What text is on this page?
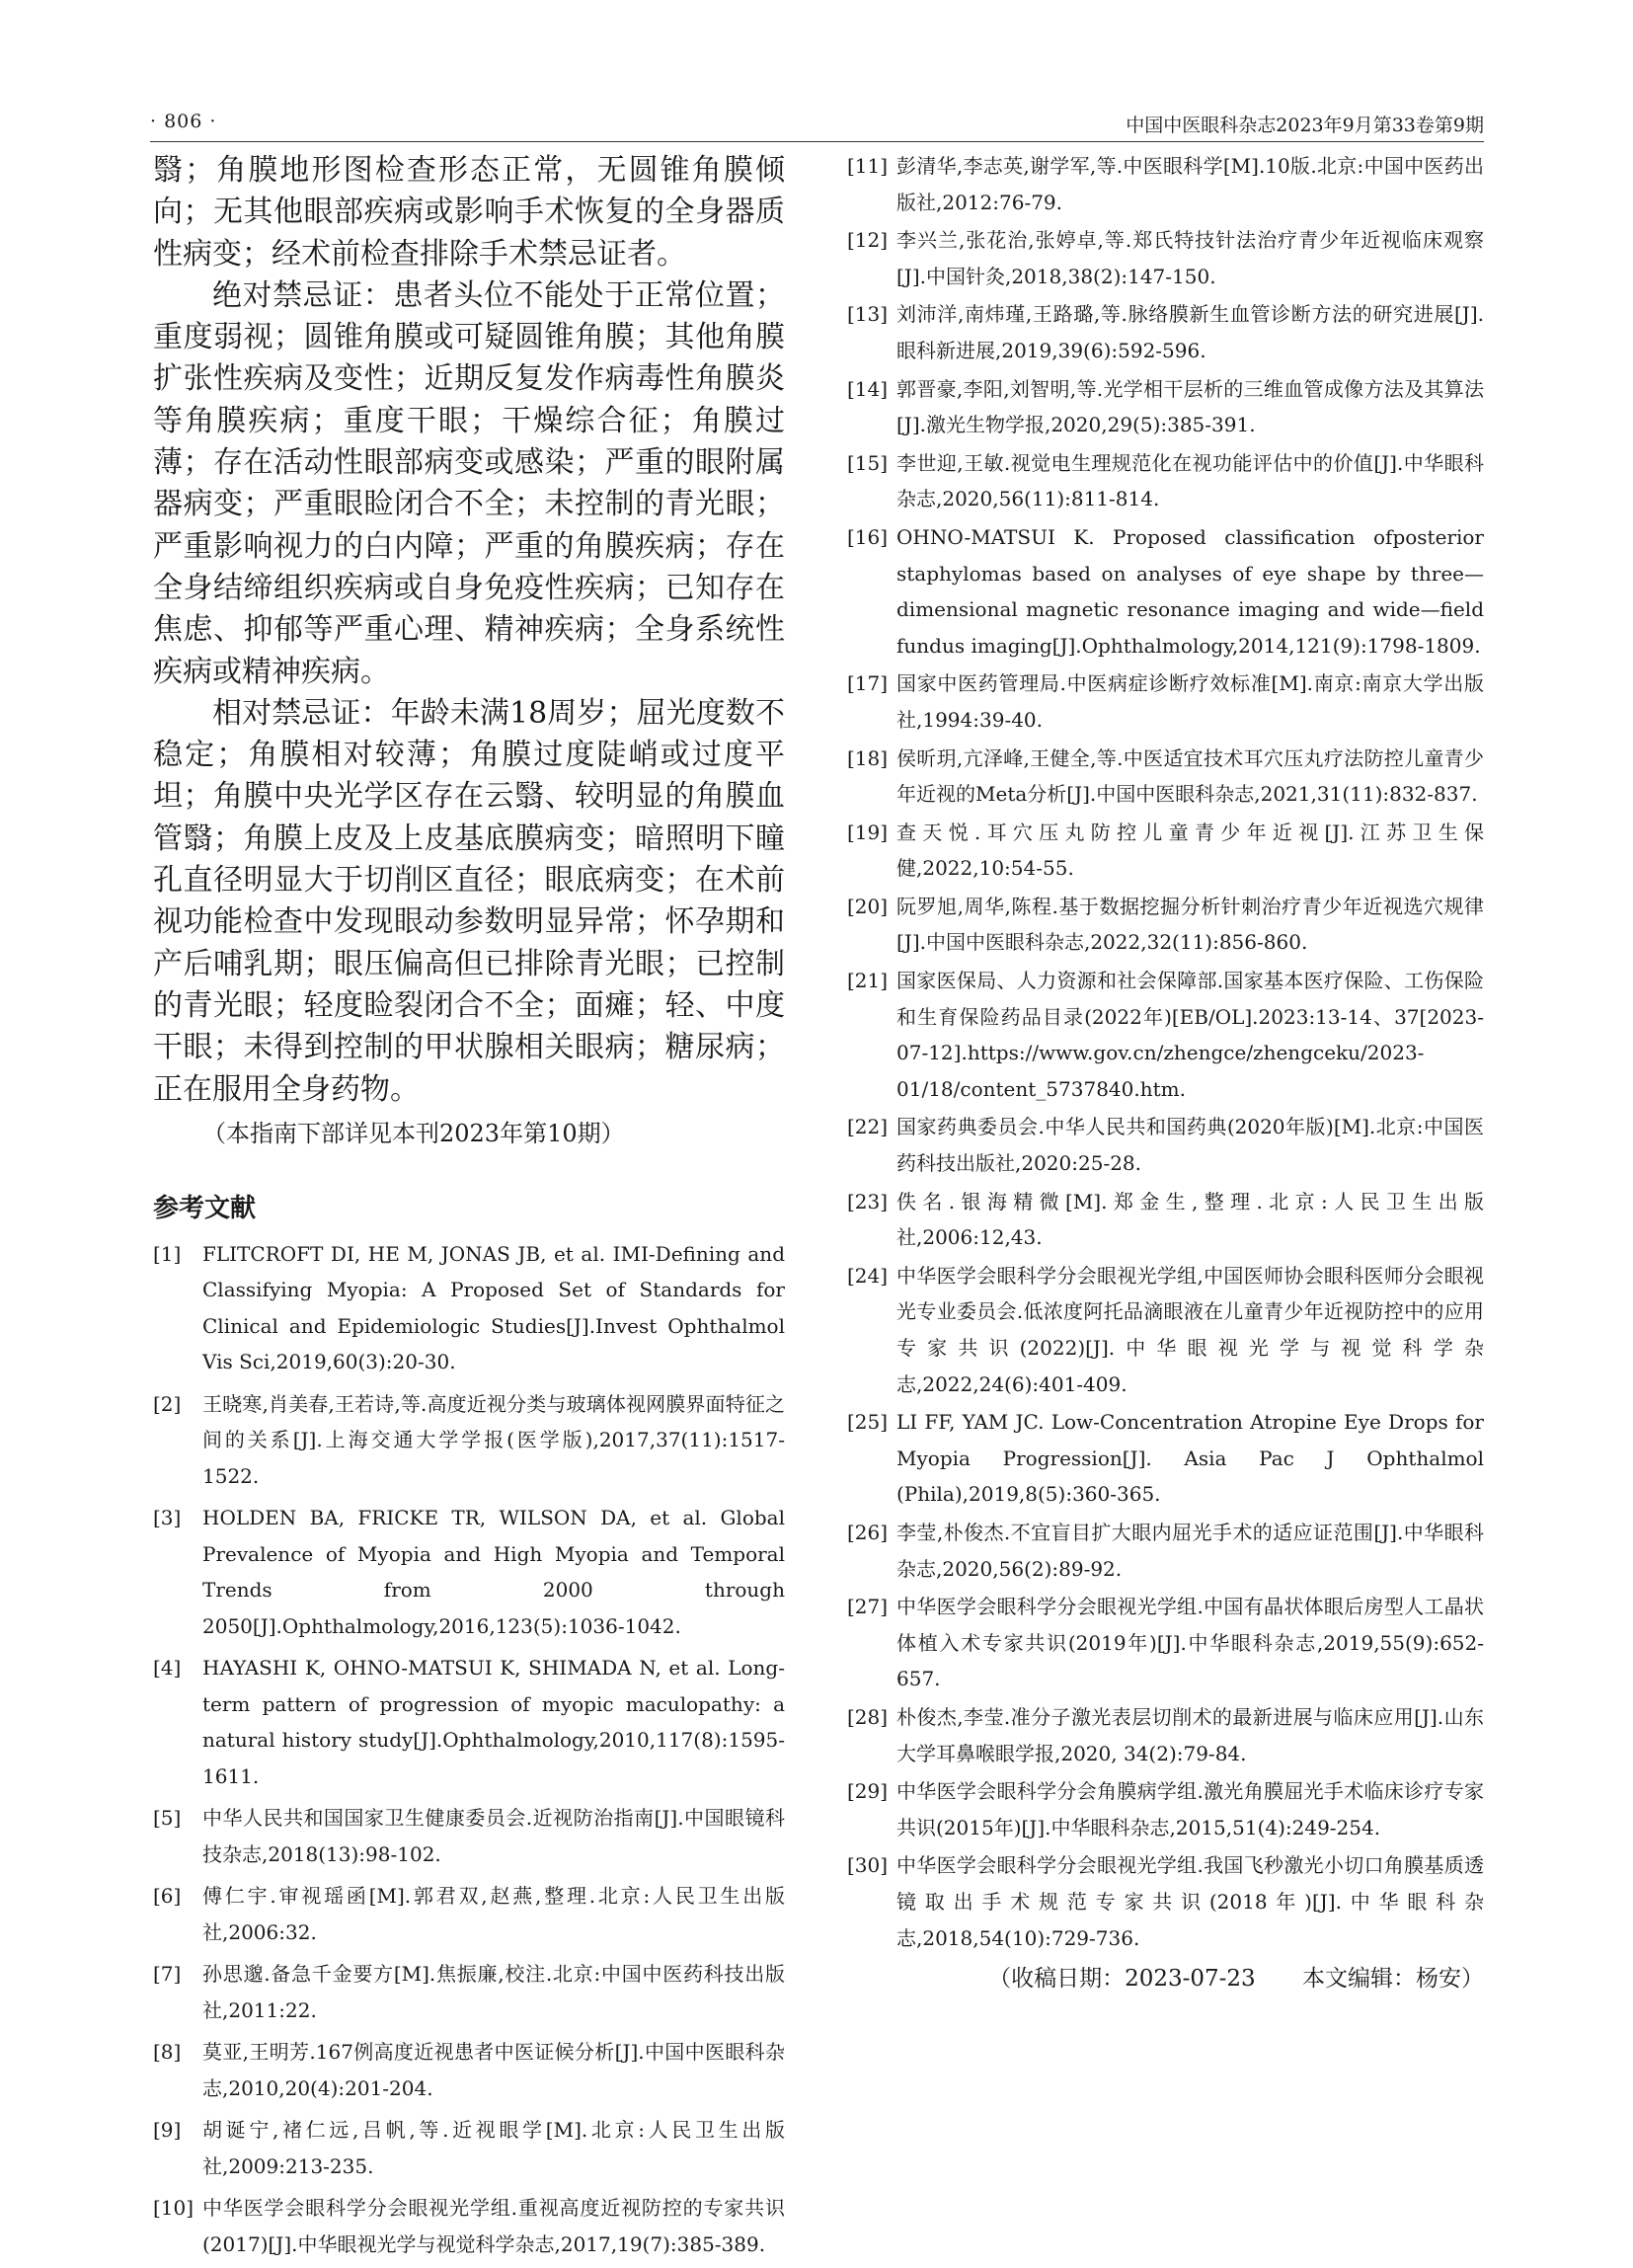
· 806 ·	中国中医眼科杂志2023年9月第33卷第9期

翳；角膜地形图检查形态正常，无圆锥角膜倾向；无其他眼部疾病或影响手术恢复的全身器质性病变；经术前检查排除手术禁忌证者。

绝对禁忌证：患者头位不能处于正常位置；重度弱视；圆锥角膜或可疑圆锥角膜；其他角膜扩张性疾病及变性；近期反复发作病毒性角膜炎等角膜疾病；重度干眼；干燥综合征；角膜过薄；存在活动性眼部病变或感染；严重的眼附属器病变；严重眼睑闭合不全；未控制的青光眼；严重影响视力的白内障；严重的角膜疾病；存在全身结缔组织疾病或自身免疫性疾病；已知存在焦虑、抑郁等严重心理、精神疾病；全身系统性疾病或精神疾病。

相对禁忌证：年龄未满18周岁；屈光度数不稳定；角膜相对较薄；角膜过度陡峭或过度平坦；角膜中央光学区存在云翳、较明显的角膜血管翳；角膜上皮及上皮基底膜病变；暗照明下瞳孔直径明显大于切削区直径；眼底病变；在术前视功能检查中发现眼动参数明显异常；怀孕期和产后哺乳期；眼压偏高但已排除青光眼；已控制的青光眼；轻度睑裂闭合不全；面瘫；轻、中度干眼；未得到控制的甲状腺相关眼病；糖尿病；正在服用全身药物。

（本指南下部详见本刊2023年第10期）
参考文献
[1] FLITCROFT DI, HE M, JONAS JB, et al. IMI-Defining and Classifying Myopia: A Proposed Set of Standards for Clinical and Epidemiologic Studies[J].Invest Ophthalmol Vis Sci,2019,60(3):20-30.
[2] 王晓寒,肖美春,王若诗,等.高度近视分类与玻璃体视网膜界面特征之间的关系[J].上海交通大学学报(医学版),2017,37(11):1517-1522.
[3] HOLDEN BA, FRICKE TR, WILSON DA, et al. Global Prevalence of Myopia and High Myopia and Temporal Trends from 2000 through 2050[J].Ophthalmology,2016,123(5):1036-1042.
[4] HAYASHI K, OHNO-MATSUI K, SHIMADA N, et al. Long-term pattern of progression of myopic maculopathy: a natural history study[J].Ophthalmology,2010,117(8):1595-1611.
[5] 中华人民共和国国家卫生健康委员会.近视防治指南[J].中国眼镜科技杂志,2018(13):98-102.
[6] 傅仁宇.审视瑶函[M].郭君双,赵燕,整理.北京:人民卫生出版社,2006:32.
[7] 孙思邈.备急千金要方[M].焦振廉,校注.北京:中国中医药科技出版社,2011:22.
[8] 莫亚,王明芳.167例高度近视患者中医证候分析[J].中国中医眼科杂志,2010,20(4):201-204.
[9] 胡诞宁,褚仁远,吕帆,等.近视眼学[M].北京:人民卫生出版社,2009:213-235.
[10] 中华医学会眼科学分会眼视光学组.重视高度近视防控的专家共识(2017)[J].中华眼视光学与视觉科学杂志,2017,19(7):385-389.
[11] 彭清华,李志英,谢学军,等.中医眼科学[M].10版.北京:中国中医药出版社,2012:76-79.
[12] 李兴兰,张花治,张婷卓,等.郑氏特技针法治疗青少年近视临床观察[J].中国针灸,2018,38(2):147-150.
[13] 刘沛洋,南炜瑾,王路璐,等.脉络膜新生血管诊断方法的研究进展[J].眼科新进展,2019,39(6):592-596.
[14] 郭晋豪,李阳,刘智明,等.光学相干层析的三维血管成像方法及其算法[J].激光生物学报,2020,29(5):385-391.
[15] 李世迎,王敏.视觉电生理规范化在视功能评估中的价值[J].中华眼科杂志,2020,56(11):811-814.
[16] OHNO-MATSUI K. Proposed classification ofposterior staphylomas based on analyses of eye shape by three—dimensional magnetic resonance imaging and wide—field fundus imaging[J].Ophthalmology,2014,121(9):1798-1809.
[17] 国家中医药管理局.中医病症诊断疗效标准[M].南京:南京大学出版社,1994:39-40.
[18] 侯昕玥,亢泽峰,王健全,等.中医适宜技术耳穴压丸疗法防控儿童青少年近视的Meta分析[J].中国中医眼科杂志,2021,31(11):832-837.
[19] 查天悦.耳穴压丸防控儿童青少年近视[J].江苏卫生保健,2022,10:54-55.
[20] 阮罗旭,周华,陈程.基于数据挖掘分析针刺治疗青少年近视选穴规律[J].中国中医眼科杂志,2022,32(11):856-860.
[21] 国家医保局、人力资源和社会保障部.国家基本医疗保险、工伤保险和生育保险药品目录(2022年)[EB/OL].2023:13-14、37[2023-07-12].https://www.gov.cn/zhengce/zhengceku/2023-01/18/content_5737840.htm.
[22] 国家药典委员会.中华人民共和国药典(2020年版)[M].北京:中国医药科技出版社,2020:25-28.
[23] 佚名.银海精微[M].郑金生,整理.北京:人民卫生出版社,2006:12,43.
[24] 中华医学会眼科学分会眼视光学组,中国医师协会眼科医师分会眼视光专业委员会.低浓度阿托品滴眼液在儿童青少年近视防控中的应用专家共识(2022)[J].中华眼视光学与视觉科学杂志,2022,24(6):401-409.
[25] LI FF, YAM JC. Low-Concentration Atropine Eye Drops for Myopia Progression[J]. Asia Pac J Ophthalmol (Phila),2019,8(5):360-365.
[26] 李莹,朴俊杰.不宜盲目扩大眼内屈光手术的适应证范围[J].中华眼科杂志,2020,56(2):89-92.
[27] 中华医学会眼科学分会眼视光学组.中国有晶状体眼后房型人工晶状体植入术专家共识(2019年)[J].中华眼科杂志,2019,55(9):652-657.
[28] 朴俊杰,李莹.准分子激光表层切削术的最新进展与临床应用[J].山东大学耳鼻喉眼学报,2020, 34(2):79-84.
[29] 中华医学会眼科学分会角膜病学组.激光角膜屈光手术临床诊疗专家共识(2015年)[J].中华眼科杂志,2015,51(4):249-254.
[30] 中华医学会眼科学分会眼视光学组.我国飞秒激光小切口角膜基质透镜取出手术规范专家共识(2018年)[J].中华眼科杂志,2018,54(10):729-736.
（收稿日期：2023-07-23 本文编辑：杨安）
